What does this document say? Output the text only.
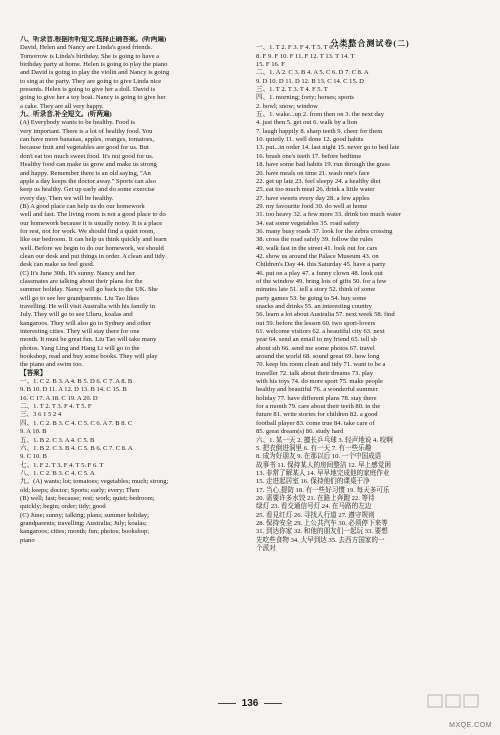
八、听录音,根据所听短文,选择正确答案。(听两遍)
David, Helen and Nancy are Linda's good friends.
Tomorrow is Linda's birthday. She is going to have a
birthday party at home. Helen is going to play the piano
and David is going to play the violin and Nancy is going
to sing at the party. They are going to give Linda nice
presents. Helen is going to give her a doll. David is
going to give her a toy boat. Nancy is going to give her
a cake. They are all very happy.
九、听录音,补全短文。(听两遍)
(A) Everybody wants to be healthy. Food is
very important. There is a lot of healthy food. You
can have more bananas, apples, oranges, tomatoes,
because fruit and vegetables are good for us. But
don't eat too much sweet food. It's not good for us.
Healthy food can make us grow and make us strong
and happy. Remember there is an old saying, "An
apple a day keeps the doctor away." Sports can also
keep us healthy. Get up early and do some exercise
every day. Then we will be healthy.
(B) A good place can help us do our homework
well and fast. The living room is not a good place to do
our homework because it is usually noisy. It is a place
for rest, not for work. We should find a quiet room,
like our bedroom. It can help us think quickly and learn
well. Before we begin to do our homework, we should
clean our desk and put things in order. A clean and tidy
desk can make us feel good.
(C) It's June 30th. It's sunny. Nancy and her
classmates are talking about their plans for the
summer holiday. Nancy will go back to the UK. She
will go to see her grandparents. Liu Tao likes
travelling. He will visit Australia with his family in
July. They will go to see Uluru, koalas and
kangaroos. They will also go to Sydney and other
interesting cities. They will stay there for one
month. It must be great fun. Liu Tao will take many
photos. Yang Ling and Hang Li will go to the
bookshop, read and buy some books. They will play
the piano and swim too.
【答案】
一、1. C 2. B 3. A 4. B 5. D 6. C 7. A 8. B
9. B 10. D 11. A 12. D 13. B 14. C 15. B
16. C 17. A 18. C 19. A 20. D
二、1. T 2. T 3. F 4. T 5. F
三、3 6 1 5 2 4
四、1. C 2. B 3. C 4. C 5. C 6. A 7. B 8. C
9. A 10. B
五、1. B 2. C 3. A 4. C 5. B
六、1. B 2. C 3. B 4. C 5. B 6. C 7. C 8. A
9. C 10. B
七、1. F 2. T 3. F 4. T 5. F 6. T
八、1. C 2. B 3. C 4. C 5. A
九、(A) wants; lot; tomatoes; vegetables; much; strong;
old; keeps; doctor; Sports; early; every; Then
(B) well; fast; because; rest; work; quiet; bedroom;
quickly; begin; order; tidy; good
(C) June; sunny; talking; plans; summer holiday;
grandparents; travelling; Australia; July; koalas;
kangaroos; cities; month; fun; photos; bookshop;
piano
分类整合测试卷(二)
一、1. T 2. F 3. F 4. T 5. T 6. T 7. F
8. F 9. F 10. F 11. F 12. T 13. T 14. T
15. F 16. F
二、1. A 2. C 3. B 4. A 5. C 6. D 7. C 8. A
9. D 10. D 11. D 12. B 13. C 14. C 15. D
三、1. T 2. T 3. T 4. F 5. T
四、1. morning; forty; horses; sports
2. bowl; snow; window
五、1. wake...up 2. from then on 3. the next day
4. just then 5. get out 6. walk by a lion
7. laugh happily 8. sharp teeth 9. cheer for them
10. quietly 11. well done 12. good habits
13. put...in order 14. last night 15. never go to bed late
16. brush one's teeth 17. before bedtime
18. have some bad habits 19. run through the grass
20. have meals on time 21. wash one's face
22. get up late 23. feel sleepy 24. a healthy diet
25. eat too much meat 26. drink a little water
27. have sweets every day 28. a few apples
29. my favourite food 30. do well at home
31. too heavy 32. a few more 33. drink too much water
34. eat some vegetables 35. road safety
36. many busy roads 37. look for the zebra crossing
38. cross the road safely 39. follow the rules
40. walk fast in the street 41. look out for cars
42. show us around the Palace Museum 43. on
Children's Day 44. this Saturday 45. have a party
46. put on a play 47. a funny clown 48. look out
of the window 49. bring lots of gifts 50. for a few
minutes late 51. tell a story 52. think of some
party games 53. be going to 54. buy some
snacks and drinks 55. an interesting country
56. learn a lot about Australia 57. next week 58. find
out 59. before the lesson 60. two sport-lovers
61. welcome visitors 62. a beautiful city 63. next
year 64. send an email to my friend 65. tell sb
about sth 66. send me some photos 67. travel
around the world 68. sound great 69. how long
70. keep his room clean and tidy 71. want to be a
traveller 72. talk about their dreams 73. play
with his toys 74. do more sport 75. make people
healthy and beautiful 76. a wonderful summer
holiday 77. have different plans 78. stay there
for a month 79. care about their teeth 80. in the
future 81. write stories for children 82. a good
football player 83. come true 84. take care of
85. great dream(s) 86. study hard
六、1. 某一天 2. 擅长乒乓球 3. 轻声地说 4. 咬啊
5. 把衣倒进洞里 6. 有一天 7. 有一些乐趣
8. 成为好朋友 9. 在那以后 10. 一个中国成语
故事书 11. 保持某人的房间整洁 12. 早上感觉困
13. 非常了解某人 14. 早早地完成他的家庭作业
15. 走进起居室 16. 保持他们的课桌干净
17. 当心,提防 18. 有一些好习惯 19. 每天多可乐
20. 需要许多水饺 21. 在路上奔跑 22. 等待
绿灯 23. 看交通信号灯 24. 在马路的左边
25. 看見红灯 26. 寻找人行道 27. 遵守规则
28. 保持安全 29. 上公共汽车 30. 必须停下来等
31. 到达你家 32. 和他的朋友们一起玩 33. 要想
先吃些食物 34. 大早到达 35. 去西方国家的一
个派对
136
MXQE.COM
